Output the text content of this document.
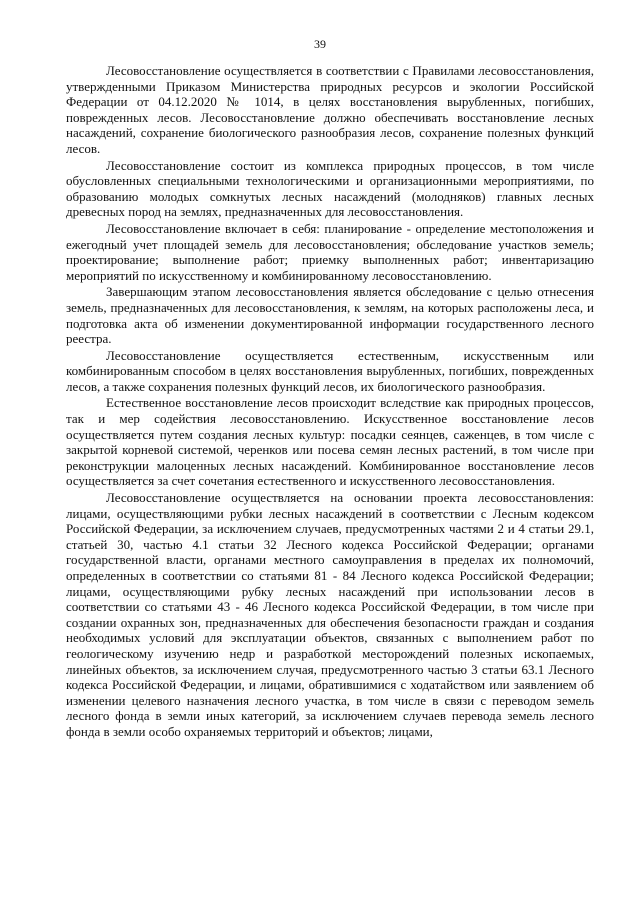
39

Лесовосстановление осуществляется в соответствии с Правилами лесовосстановления, утвержденными Приказом Министерства природных ресурсов и экологии Российской Федерации от 04.12.2020 № 1014, в целях восстановления вырубленных, погибших, поврежденных лесов. Лесовосстановление должно обеспечивать восстановление лесных насаждений, сохранение биологического разнообразия лесов, сохранение полезных функций лесов.

Лесовосстановление состоит из комплекса природных процессов, в том числе обусловленных специальными технологическими и организационными мероприятиями, по образованию молодых сомкнутых лесных насаждений (молодняков) главных лесных древесных пород на землях, предназначенных для лесовосстановления.

Лесовосстановление включает в себя: планирование - определение местоположения и ежегодный учет площадей земель для лесовосстановления; обследование участков земель; проектирование; выполнение работ; приемку выполненных работ; инвентаризацию мероприятий по искусственному и комбинированному лесовосстановлению.

Завершающим этапом лесовосстановления является обследование с целью отнесения земель, предназначенных для лесовосстановления, к землям, на которых расположены леса, и подготовка акта об изменении документированной информации государственного лесного реестра.

Лесовосстановление осуществляется естественным, искусственным или комбинированным способом в целях восстановления вырубленных, погибших, поврежденных лесов, а также сохранения полезных функций лесов, их биологического разнообразия.

Естественное восстановление лесов происходит вследствие как природных процессов, так и мер содействия лесовосстановлению. Искусственное восстановление лесов осуществляется путем создания лесных культур: посадки сеянцев, саженцев, в том числе с закрытой корневой системой, черенков или посева семян лесных растений, в том числе при реконструкции малоценных лесных насаждений. Комбинированное восстановление лесов осуществляется за счет сочетания естественного и искусственного лесовосстановления.

Лесовосстановление осуществляется на основании проекта лесовосстановления: лицами, осуществляющими рубки лесных насаждений в соответствии с Лесным кодексом Российской Федерации, за исключением случаев, предусмотренных частями 2 и 4 статьи 29.1, статьей 30, частью 4.1 статьи 32 Лесного кодекса Российской Федерации; органами государственной власти, органами местного самоуправления в пределах их полномочий, определенных в соответствии со статьями 81 - 84 Лесного кодекса Российской Федерации; лицами, осуществляющими рубку лесных насаждений при использовании лесов в соответствии со статьями 43 - 46 Лесного кодекса Российской Федерации, в том числе при создании охранных зон, предназначенных для обеспечения безопасности граждан и создания необходимых условий для эксплуатации объектов, связанных с выполнением работ по геологическому изучению недр и разработкой месторождений полезных ископаемых, линейных объектов, за исключением случая, предусмотренного частью 3 статьи 63.1 Лесного кодекса Российской Федерации, и лицами, обратившимися с ходатайством или заявлением об изменении целевого назначения лесного участка, в том числе в связи с переводом земель лесного фонда в земли иных категорий, за исключением случаев перевода земель лесного фонда в земли особо охраняемых территорий и объектов; лицами,
